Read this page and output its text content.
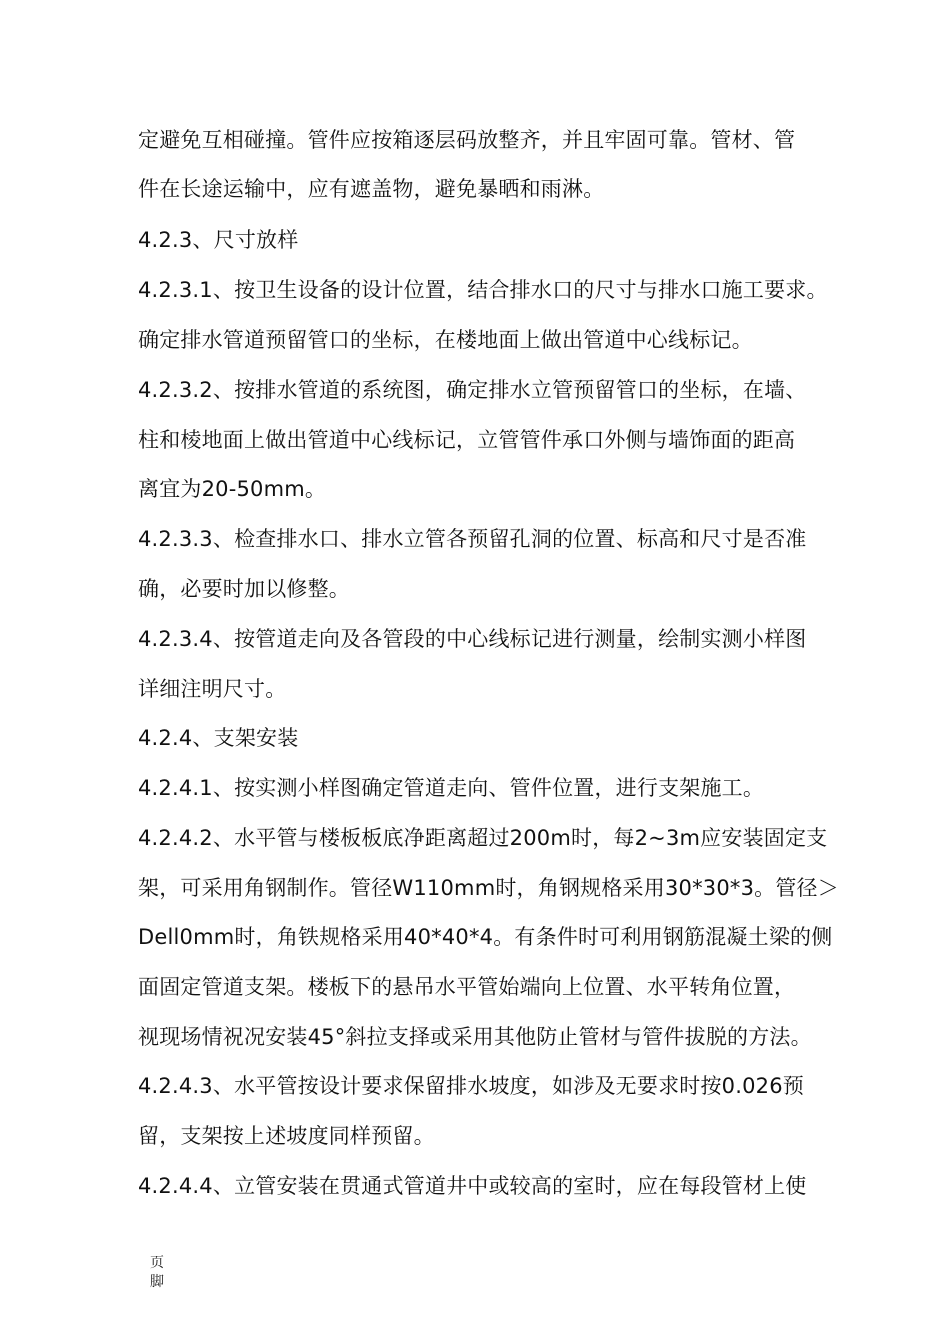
定避免互相碰撞。管件应按箱逐层码放整齐，并且牢固可靠。管材、管
件在长途运输中，应有遮盖物，避免暴晒和雨淋。
4.2.3、尺寸放样
4.2.3.1、按卫生设备的设计位置，结合排水口的尺寸与排水口施工要求。
确定排水管道预留管口的坐标，在楼地面上做出管道中心线标记。
4.2.3.2、按排水管道的系统图，确定排水立管预留管口的坐标，在墙、
柱和棱地面上做出管道中心线标记，立管管件承口外侧与墙饰面的距高
离宜为20-50mm。
4.2.3.3、检查排水口、排水立管各预留孔洞的位置、标高和尺寸是否准
确，必要时加以修整。
4.2.3.4、按管道走向及各管段的中心线标记进行测量，绘制实测小样图
详细注明尺寸。
4.2.4、支架安装
4.2.4.1、按实测小样图确定管道走向、管件位置，进行支架施工。
4.2.4.2、水平管与楼板板底净距离超过200m时，每2~3m应安装固定支
架，可采用角钢制作。管径W110mm时，角钢规格采用30*30*3。管径＞
Dell0mm时，角铁规格采用40*40*4。有条件时可利用钢筋混凝土梁的侧
面固定管道支架。楼板下的悬吊水平管始端向上位置、水平转角位置，
视现场情祝况安装45°斜拉支择或采用其他防止管材与管件拔脱的方法。
4.2.4.3、水平管按设计要求保留排水坡度，如涉及无要求时按0.026预
留，支架按上述坡度同样预留。
4.2.4.4、立管安装在贯通式管道井中或较高的室时，应在每段管材上使
页
脚
